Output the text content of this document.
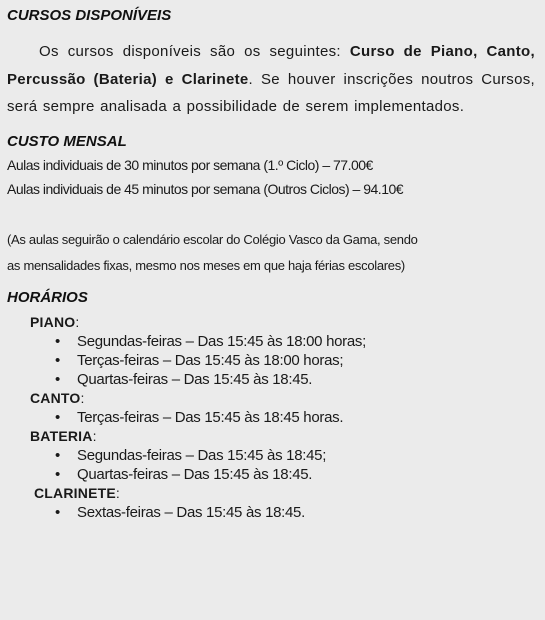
CURSOS DISPONÍVEIS

Os cursos disponíveis são os seguintes: Curso de Piano, Canto, Percussão (Bateria) e Clarinete. Se houver inscrições noutros Cursos, será sempre analisada a possibilidade de serem implementados.

CUSTO MENSAL

Aulas individuais de 30 minutos por semana (1.º Ciclo) – 77.00€

Aulas individuais de 45 minutos por semana (Outros Ciclos) – 94.10€

(As aulas seguirão o calendário escolar do Colégio Vasco da Gama, sendo

as mensalidades fixas, mesmo nos meses em que haja férias escolares)

HORÁRIOS

PIANO:

• Segundas-feiras – Das 15:45 às 18:00 horas;
• Terças-feiras – Das 15:45 às 18:00 horas;
• Quartas-feiras – Das 15:45 às 18:45.

CANTO:

• Terças-feiras – Das 15:45 às 18:45 horas.

BATERIA:

• Segundas-feiras – Das 15:45 às 18:45;
• Quartas-feiras – Das 15:45 às 18:45.

CLARINETE:

• Sextas-feiras – Das 15:45 às 18:45.
